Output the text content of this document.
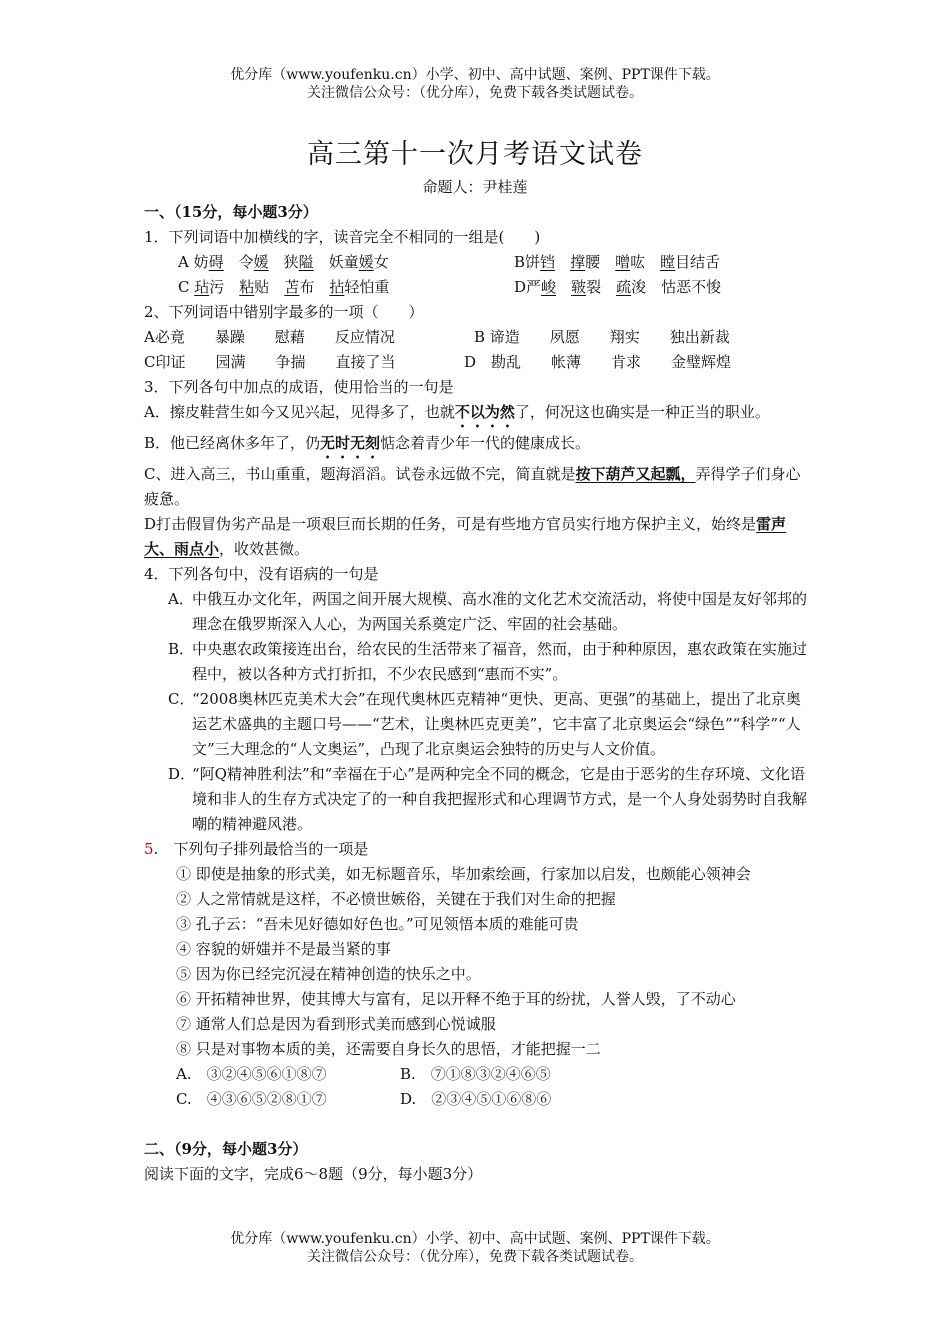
优分库（www.youfenku.cn）小学、初中、高中试题、案例、PPT课件下载。
关注微信公众号：（优分库），免费下载各类试题试卷。
高三第十一次月考语文试卷
命题人：尹桂莲
一、（15分，每小题3分）
1．下列词语中加横线的字，读音完全不相同的一组是(　　)
A 妨碍　令媛　狭隘　妖童媛女	B饼铛　 撑腰　噌吰　瞠目结舌
C 玷污　粘贴　苫布　拈轻怕重	D严峻　 皲裂　疏浚　怙恶不悛
2、下列词语中错别字最多的一项（　　）
A必竟　　暴躁　　慰藉　　反应情况	B 谛造　　夙愿　　翔实　　独出新裁
C印证　　园满　　争揣　　直接了当	D　勘乱　　帐薄　　肯求　　金璧辉煌
3．下列各句中加点的成语，使用恰当的一句是
A．擦皮鞋营生如今又见兴起，见得多了，也就不以为然了，何况这也确实是一种正当的职业。
B．他已经离休多年了，仍无时无刻惦念着青少年一代的健康成长。
C、进入高三，书山重重，题海滔滔。试卷永远做不完，简直就是按下葫芦又起瓢，弄得学子们身心疲惫。
D打击假冒伪劣产品是一项艰巨而长期的任务，可是有些地方官员实行地方保护主义，始终是雷声大、雨点小，收效甚微。
4．下列各句中，没有语病的一句是
A．中俄互办文化年，两国之间开展大规模、高水准的文化艺术交流活动，将使中国是友好邻邦的理念在俄罗斯深入人心，为两国关系奠定广泛、牢固的社会基础。
B．中央惠农政策接连出台，给农民的生活带来了福音，然而，由于种种原因，惠农政策在实施过程中，被以各种方式打折扣，不少农民感到“惠而不实”。
C．“2008奥林匹克美术大会”在现代奥林匹克精神“更快、更高、更强”的基础上，提出了北京奥运艺术盛典的主题口号——“艺术，让奥林匹克更美”，它丰富了北京奥运会“绿色”“科学”“人文”三大理念的“人文奥运”，凸现了北京奥运会独特的历史与人文价值。
D．“阿Q精神胜利法”和“幸福在于心”是两种完全不同的概念，它是由于恶劣的生存环境、文化语境和非人的生存方式决定了的一种自我把握形式和心理调节方式，是一个人身处弱势时自我解嘲的精神避风港。
5.　下列句子排列最恰当的一项是
① 即使是抽象的形式美，如无标题音乐，毕加索绘画，行家加以启发，也颇能心领神会
② 人之常情就是这样，不必愤世嫉俗，关键在于我们对生命的把握
③ 孔子云：“吾未见好德如好色也。”可见领悟本质的难能可贵
④ 容貌的妍媸并不是最当紧的事
⑤ 因为你已经完沉浸在精神创造的快乐之中。
⑥ 开拓精神世界，使其博大与富有，足以开释不绝于耳的纷扰，人誉人毁，了不动心
⑦ 通常人们总是因为看到形式美而感到心悦诚服
⑧ 只是对事物本质的美，还需要自身长久的思悟，才能把握一二
A.　③②④⑤⑥①⑧⑦	B.　⑦①⑧③②④⑥⑤
C.　④③⑥⑤②⑧①⑦	D.　②③④⑤①⑥⑧⑥
二、（9分，每小题3分）
阅读下面的文字，完成6～8题（9分，每小题3分）
优分库（www.youfenku.cn）小学、初中、高中试题、案例、PPT课件下载。
关注微信公众号：（优分库），免费下载各类试题试卷。
